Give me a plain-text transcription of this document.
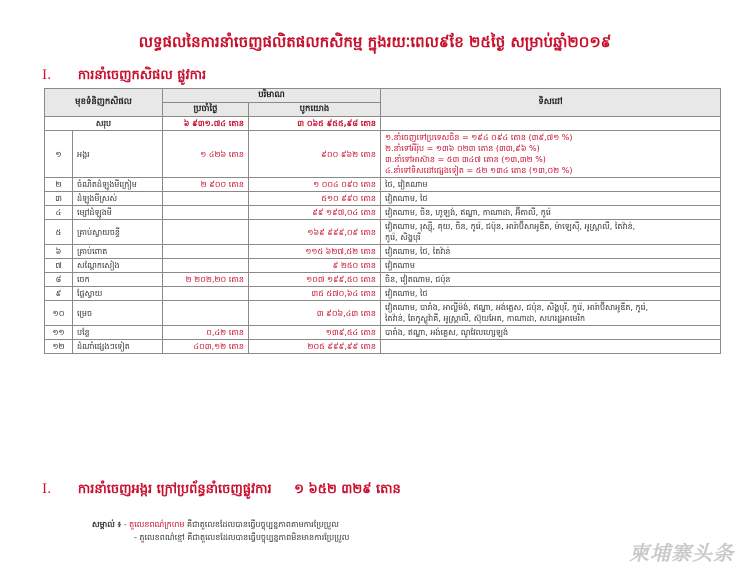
លទ្ធផលនៃការនាំចេញផលិតផលកសិកម្ម ក្នុងរយៈពេល៩ខែ ២៥ថ្ងៃ សម្រាប់ឆ្នាំ២០១៩
I. ការនាំចេញកសិផល ផ្លូវការ
មុខទំនិញកសិផល		បរិមាណ		ទិសដៅ
		ប្រចាំថ្ងៃ	បូកយោង	
សរុប		៦ ៩៣១.៧៤ តោន	៣ ០៦៥ ៩៥៥,៩៨ តោន	
១	អង្ករ	១ ៤២៦ តោន	៩០០ ៩៦២ តោន	១.នាំចេញទៅប្រទេសចិន = ១៩៤ ០៩៤ តោន (៣៩,៧១ %)
២.នាំទៅអឺរ៉ុប = ១៣៦ ០២៣ តោន (៣៣,៩៦ %)
៣.នាំទៅអាស៊ាន = ៥៣ ៣៤៧ តោន (១៣,៣២ %)
៤.នាំទៅទិសដៅផ្សេងទៀត = ៥២ ១៣៤ តោន (១៣,០២ %)

២	ចំណិតដំឡូងមីក្រៀម	២ ៩០០ តោន	១ ០០៤ ០៩០ តោន	ថៃ, វៀតណាម

៣	ដំឡូងមីស្រស់		៥១០ ៩៩០ តោន	វៀតណាម, ថៃ

៤	ម្សៅដំឡូងមី		៩៩ ១៩៧,០៤ តោន	វៀតណាម, ចិន, ហូឡង់, ឥណ្ឌា, កាណាដា, អ៊ីតាលី, កូរ៉េ

៥	គ្រាប់ស្វាយចន្ទី		១៦៩ ៩៩៩,០៩ តោន	វៀតណាម, រុស្ស៊ី, គុយ, ចិន, កូរ៉េ, ជប៉ុន, អារ៉ាប៊ីសាអូឌីត, ម៉ាឡេស៊ី, អូស្ត្រាលី, តៃវ៉ាន់,
កូរ៉េ, សិង្ហបុរី

៦	គ្រាប់ពោត		១១៥ ៦២៧,៥២ តោន	វៀតណាម, ថៃ, តៃវ៉ាន់

៧	សណ្តែកសៀង		៩ ២៥០ តោន	វៀតណាម

៨	ចេក	២ ២០២,២០ តោន	១០៧ ១៩៩,៥០ តោន	ចិន, វៀតណាម, ជប៉ុន

៩	ផ្លែស្វាយ		៣៥ ៥៧០,៦៤ តោន	វៀតណាម, ថៃ

១០	ម្រេច		៣ ៩០៦,៤៣ តោន	វៀតណាម, បារាំង, អាល្លឺម៉ង់, ឥណ្ឌា, អង់គ្លេស, ជប៉ុន, សិង្ហបុរី, កូរ៉េ, អារ៉ាប៊ីសាអូឌីត, កូរ៉េ,
តៃវ៉ាន់, ឆែកូស្លូវ៉ាគី, អូស្ត្រាលី, ស៊ុយអែត, កាណាដា, សហរដ្ឋអាមេរិក

១១	បន្លែ	០,៤២ តោន	១៣៩,៥៤ តោន	បារាំង, ឥណ្ឌា, អង់គ្លេស, ណូវែលហ្សេឡង់

១២	ដំណាំផ្សេងៗទៀត	៤០៣,១២ តោន	២០៥ ៩៩៩,៩៩ តោន	
I. ការនាំចេញអង្ករ ក្រៅប្រព័ន្ធនាំចេញផ្លូវការ ១ ៦៥២ ៣២៩ តោន
សម្គាល់ ៖ - តួលេខពណ៌ក្រហម គឺជាតួលេខដែលបានធ្វើបច្ចុប្បន្នភាពតាមការប្រែប្រួល
- តួលេខពណ៌ខ្មៅ គឺជាតួលេខដែលបានធ្វើបច្ចុប្បន្នភាពមិនមានការប្រែប្រួល
柬埔寨头条
